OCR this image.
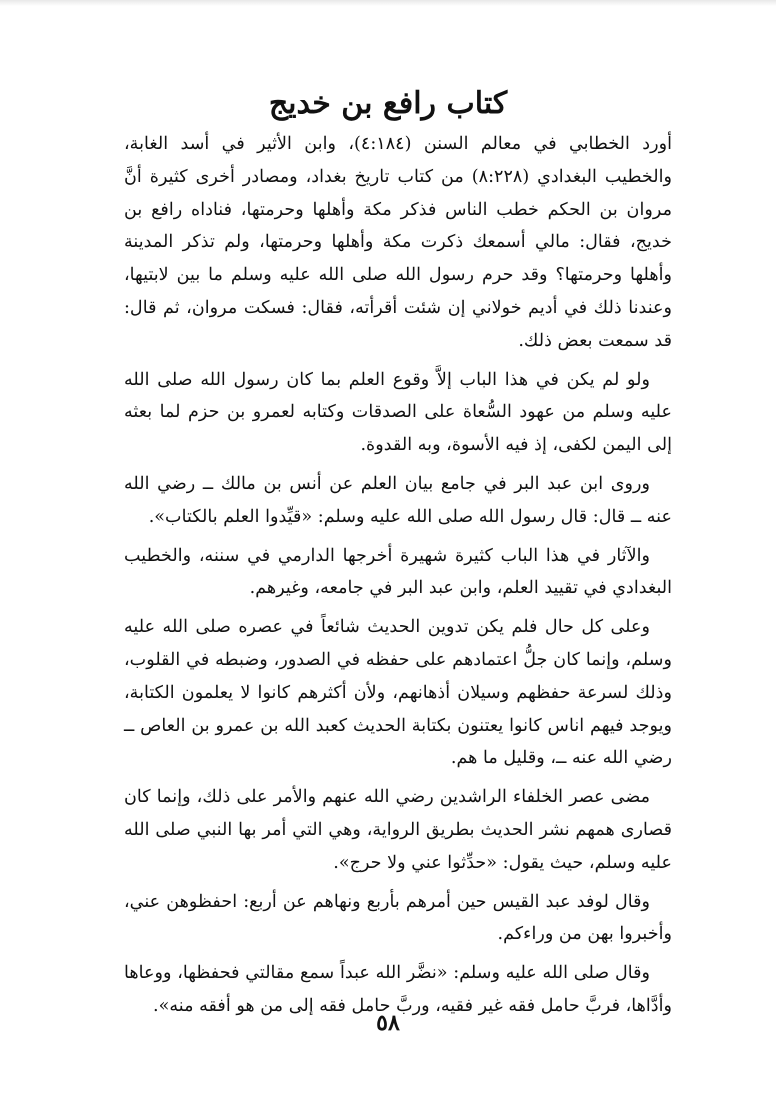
كتاب رافع بن خديج

أورد الخطابي في معالم السنن (٤:١٨٤)، وابن الأثير في أسد الغابة، والخطيب البغدادي (٨:٢٢٨) من كتاب تاريخ بغداد، ومصادر أخرى كثيرة أنَّ مروان بن الحكم خطب الناس فذكر مكة وأهلها وحرمتها، فناداه رافع بن خديج، فقال: مالي أسمعك ذكرت مكة وأهلها وحرمتها، ولم تذكر المدينة وأهلها وحرمتها؟ وقد حرم رسول الله صلى الله عليه وسلم ما بين لابتيها، وعندنا ذلك في أديم خولاني إن شئت أقرأته، فقال: فسكت مروان، ثم قال: قد سمعت بعض ذلك.

ولو لم يكن في هذا الباب إلاَّ وقوع العلم بما كان رسول الله صلى الله عليه وسلم من عهود السُّعاة على الصدقات وكتابه لعمرو بن حزم لما بعثه إلى اليمن لكفى، إذ فيه الأسوة، وبه القدوة.

وروى ابن عبد البر في جامع بيان العلم عن أنس بن مالك ــ رضي الله عنه ــ قال: قال رسول الله صلى الله عليه وسلم: «قيِّدوا العلم بالكتاب».

والآثار في هذا الباب كثيرة شهيرة أخرجها الدارمي في سننه، والخطيب البغدادي في تقييد العلم، وابن عبد البر في جامعه، وغيرهم.

وعلى كل حال فلم يكن تدوين الحديث شائعاً في عصره صلى الله عليه وسلم، وإنما كان جلُّ اعتمادهم على حفظه في الصدور، وضبطه في القلوب، وذلك لسرعة حفظهم وسيلان أذهانهم، ولأن أكثرهم كانوا لا يعلمون الكتابة، ويوجد فيهم اناس كانوا يعتنون بكتابة الحديث كعبد الله بن عمرو بن العاص ــ رضي الله عنه ــ، وقليل ما هم.

مضى عصر الخلفاء الراشدين رضي الله عنهم والأمر على ذلك، وإنما كان قصارى همهم نشر الحديث بطريق الرواية، وهي التي أمر بها النبي صلى الله عليه وسلم، حيث يقول: «حدِّثوا عني ولا حرج».

وقال لوفد عبد القيس حين أمرهم بأربع ونهاهم عن أربع: احفظوهن عني، وأخبروا بهن من وراءكم.

وقال صلى الله عليه وسلم: «نضَّر الله عبداً سمع مقالتي فحفظها، ووعاها وأدَّاها، فربَّ حامل فقه غير فقيه، وربَّ حامل فقه إلى من هو أفقه منه».

٥٨
